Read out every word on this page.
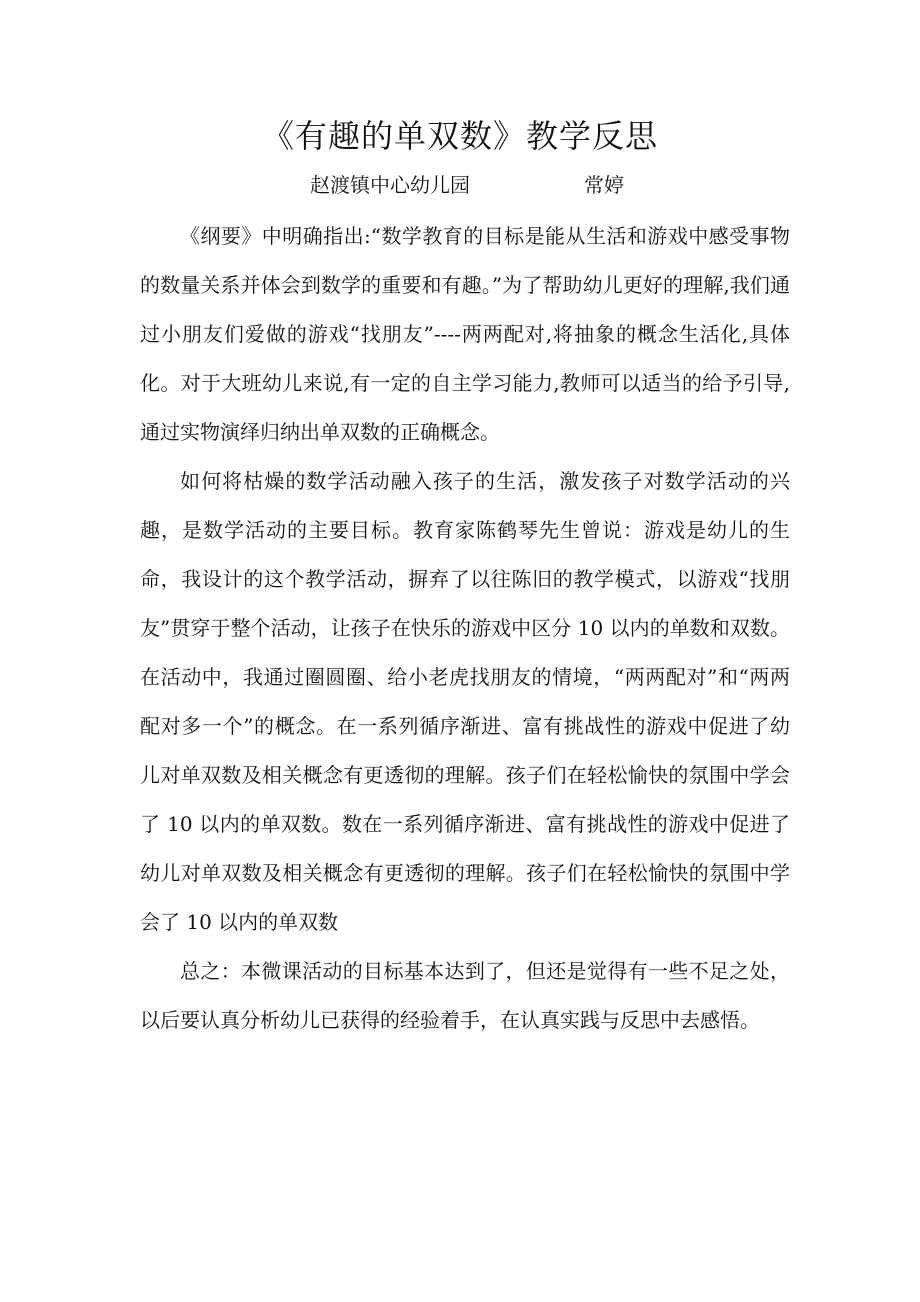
《有趣的单双数》教学反思
赵渡镇中心幼儿园	常婷

《纲要》中明确指出:“数学教育的目标是能从生活和游戏中感受事物的数量关系并体会到数学的重要和有趣。”为了帮助幼儿更好的理解,我们通过小朋友们爱做的游戏“找朋友”----两两配对,将抽象的概念生活化,具体化。对于大班幼儿来说,有一定的自主学习能力,教师可以适当的给予引导,通过实物演绎归纳出单双数的正确概念。

如何将枯燥的数学活动融入孩子的生活，激发孩子对数学活动的兴趣，是数学活动的主要目标。教育家陈鹤琴先生曾说：游戏是幼儿的生命，我设计的这个教学活动，摒弃了以往陈旧的教学模式，以游戏“找朋友”贯穿于整个活动，让孩子在快乐的游戏中区分 10 以内的单数和双数。在活动中，我通过圈圆圈、给小老虎找朋友的情境，“两两配对”和“两两配对多一个”的概念。在一系列循序渐进、富有挑战性的游戏中促进了幼儿对单双数及相关概念有更透彻的理解。孩子们在轻松愉快的氛围中学会了 10 以内的单双数。数在一系列循序渐进、富有挑战性的游戏中促进了幼儿对单双数及相关概念有更透彻的理解。孩子们在轻松愉快的氛围中学会了 10 以内的单双数

总之：本微课活动的目标基本达到了，但还是觉得有一些不足之处，以后要认真分析幼儿已获得的经验着手，在认真实践与反思中去感悟。
